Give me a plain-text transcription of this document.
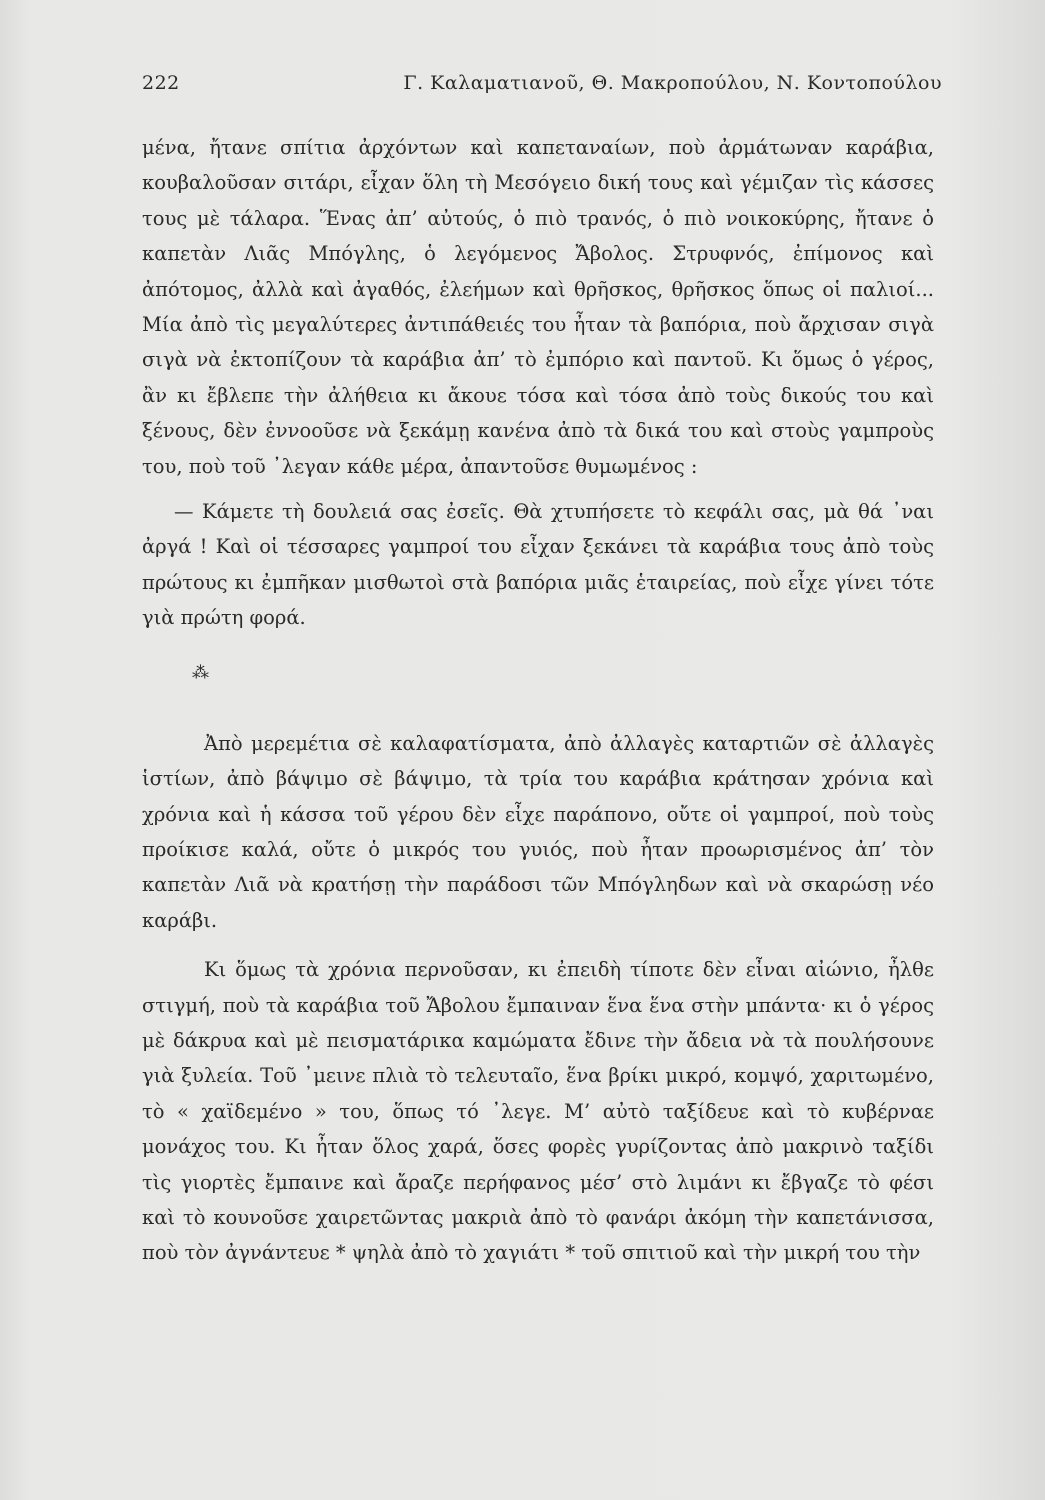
222	Γ. Καλαματιανοῦ, Θ. Μακροπούλου, Ν. Κοντοπούλου

μένα, ἤτανε σπίτια ἀρχόντων καὶ καπεταναίων, ποὺ ἀρμάτωναν καράβια, κουβαλοῦσαν σιτάρι, εἶχαν ὅλη τὴ Μεσόγειο δική τους καὶ γέμιζαν τὶς κάσσες τους μὲ τάλαρα. Ἕνας ἀπ’ αὐτούς, ὁ πιὸ τρανός, ὁ πιὸ νοικοκύρης, ἤτανε ὁ καπετὰν Λιᾶς Μπόγλης, ὁ λεγόμενος Ἄβολος. Στρυφνός, ἐπίμονος καὶ ἀπότομος, ἀλλὰ καὶ ἀγαθός, ἐλεήμων καὶ θρῆσκος, θρῆσκος ὅπως οἱ παλιοί... Μία ἀπὸ τὶς μεγαλύτερες ἀντιπάθειές του ἦταν τὰ βαπόρια, ποὺ ἄρχισαν σιγὰ σιγὰ νὰ ἐκτοπίζουν τὰ καράβια ἀπ’ τὸ ἐμπόριο καὶ παντοῦ. Κι ὅμως ὁ γέρος, ἂν κι ἔβλεπε τὴν ἀλήθεια κι ἄκουε τόσα καὶ τόσα ἀπὸ τοὺς δικούς του καὶ ξένους, δὲν ἐννοοῦσε νὰ ξεκάμῃ κανένα ἀπὸ τὰ δικά του καὶ στοὺς γαμπροὺς του, ποὺ τοῦ ᾽λεγαν κάθε μέρα, ἀπαντοῦσε θυμωμένος :

— Κάμετε τὴ δουλειά σας ἐσεῖς. Θὰ χτυπήσετε τὸ κεφάλι σας, μὰ θά ᾽ναι ἀργά ! Καὶ οἱ τέσσαρες γαμπροί του εἶχαν ξεκάνει τὰ καράβια τους ἀπὸ τοὺς πρώτους κι ἐμπῆκαν μισθωτοὶ στὰ βαπόρια μιᾶς ἑταιρείας, ποὺ εἶχε γίνει τότε γιὰ πρώτη φορά.

⁂

Ἀπὸ μερεμέτια σὲ καλαφατίσματα, ἀπὸ ἀλλαγὲς καταρτιῶν σὲ ἀλλαγὲς ἱστίων, ἀπὸ βάψιμο σὲ βάψιμο, τὰ τρία του καράβια κράτησαν χρόνια καὶ χρόνια καὶ ἡ κάσσα τοῦ γέρου δὲν εἶχε παράπονο, οὔτε οἱ γαμπροί, ποὺ τοὺς προίκισε καλά, οὔτε ὁ μικρός του γυιός, ποὺ ἦταν προωρισμένος ἀπ’ τὸν καπετὰν Λιᾶ νὰ κρατήσῃ τὴν παράδοσι τῶν Μπόγληδων καὶ νὰ σκαρώσῃ νέο καράβι.

Κι ὅμως τὰ χρόνια περνοῦσαν, κι ἐπειδὴ τίποτε δὲν εἶναι αἰώνιο, ἦλθε στιγμή, ποὺ τὰ καράβια τοῦ Ἄβολου ἔμπαιναν ἕνα ἕνα στὴν μπάντα· κι ὁ γέρος μὲ δάκρυα καὶ μὲ πεισματάρικα καμώματα ἔδινε τὴν ἄδεια νὰ τὰ πουλήσουνε γιὰ ξυλεία. Τοῦ ᾽μεινε πλιὰ τὸ τελευταῖο, ἕνα βρίκι μικρό, κομψό, χαριτωμένο, τὸ « χαϊδεμένο » του, ὅπως τό ᾽λεγε. Μ’ αὐτὸ ταξίδευε καὶ τὸ κυβέρναε μονάχος του. Κι ἦταν ὅλος χαρά, ὅσες φορὲς γυρίζοντας ἀπὸ μακρινὸ ταξίδι τὶς γιορτὲς ἔμπαινε καὶ ἄραζε περήφανος μέσ’ στὸ λιμάνι κι ἔβγαζε τὸ φέσι καὶ τὸ κουνοῦσε χαιρετῶντας μακριὰ ἀπὸ τὸ φανάρι ἀκόμη τὴν καπετάνισσα, ποὺ τὸν ἀγνάντευε * ψηλὰ ἀπὸ τὸ χαγιάτι * τοῦ σπιτιοῦ καὶ τὴν μικρή του τὴν
